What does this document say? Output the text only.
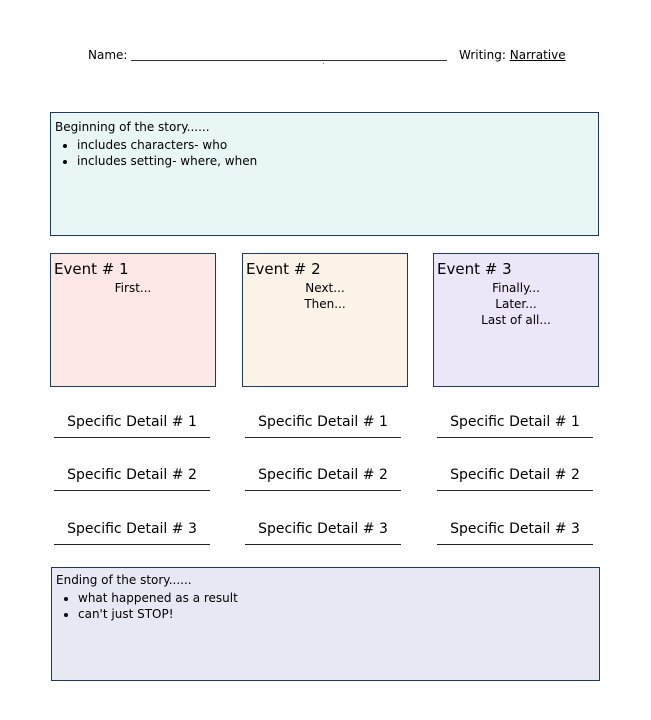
Name:	Writing: Narrative

Beginning of the story......

• includes characters- who
• includes setting- where, when

Event # 1

First...

Event # 2

Next...
Then...

Event # 3

Finally...
Later...
Last of all...
Specific Detail # 1
Specific Detail # 2
Specific Detail # 3
Specific Detail # 1
Specific Detail # 2
Specific Detail # 3
Specific Detail # 1
Specific Detail # 2
Specific Detail # 3

Ending of the story......

• what happened as a result
• can't just STOP!
